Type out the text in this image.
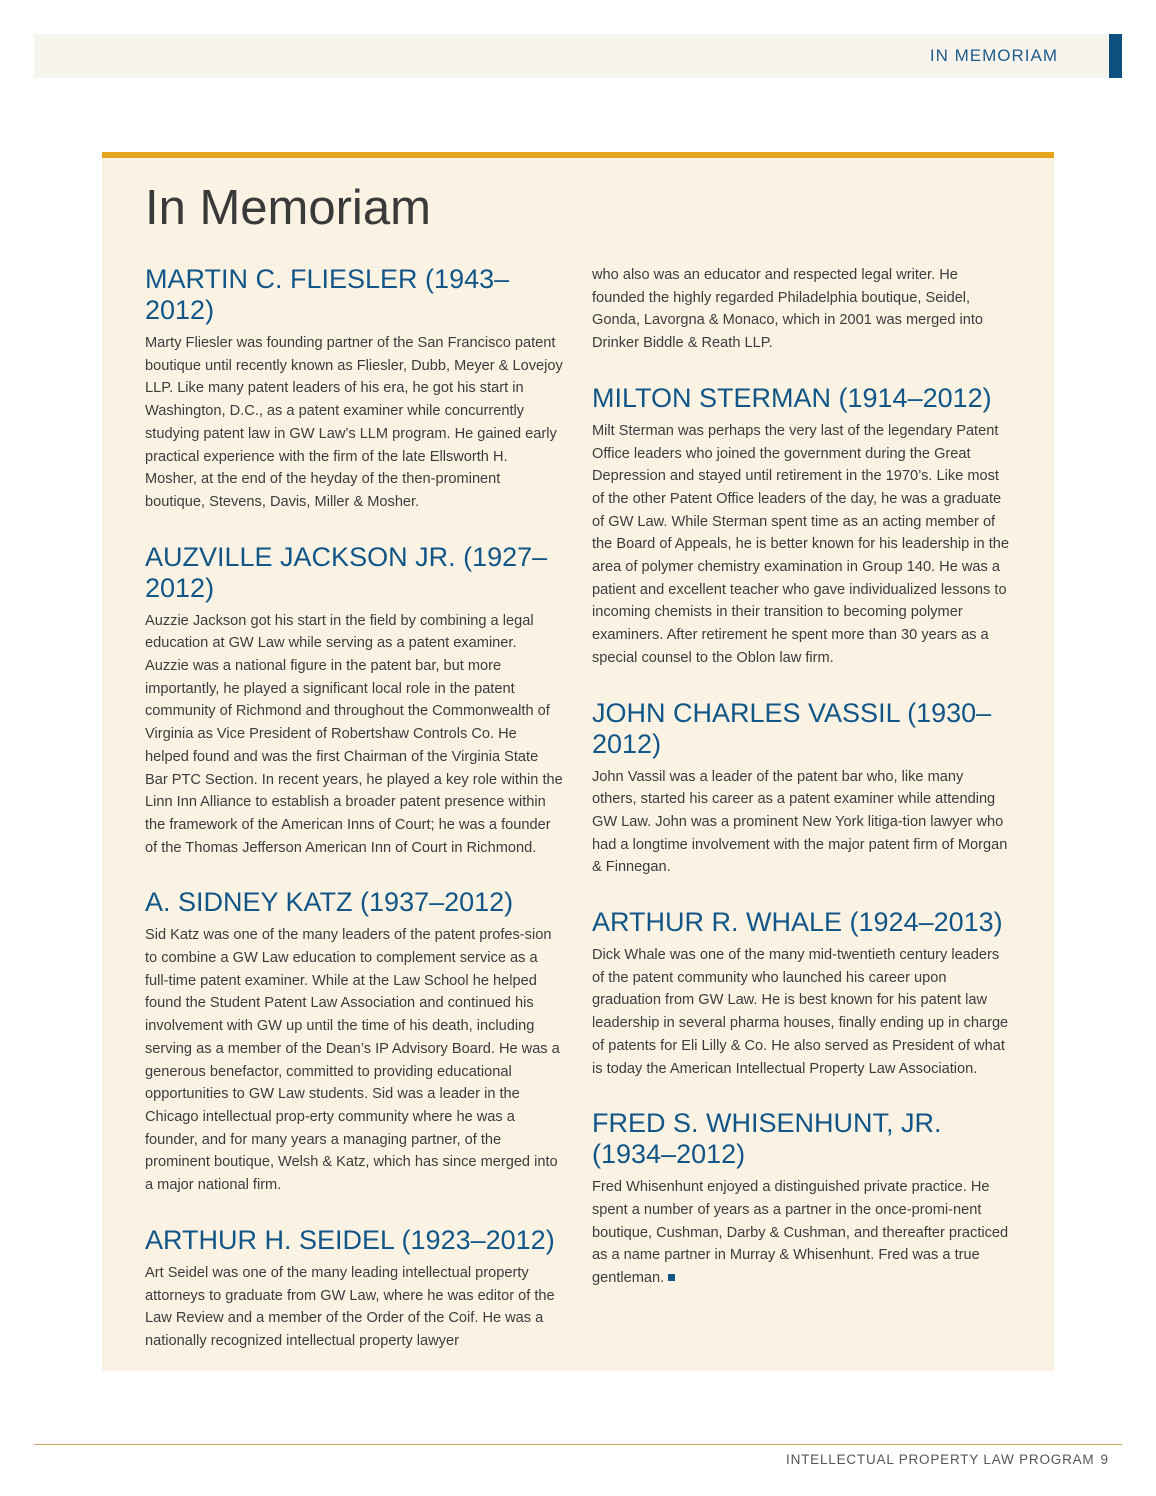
IN MEMORIAM
In Memoriam
MARTIN C. FLIESLER (1943–2012)

Marty Fliesler was founding partner of the San Francisco patent boutique until recently known as Fliesler, Dubb, Meyer & Lovejoy LLP. Like many patent leaders of his era, he got his start in Washington, D.C., as a patent examiner while concurrently studying patent law in GW Law’s LLM program. He gained early practical experience with the firm of the late Ellsworth H. Mosher, at the end of the heyday of the then-prominent boutique, Stevens, Davis, Miller & Mosher.

AUZVILLE JACKSON JR. (1927–2012)

Auzzie Jackson got his start in the field by combining a legal education at GW Law while serving as a patent examiner. Auzzie was a national figure in the patent bar, but more importantly, he played a significant local role in the patent community of Richmond and throughout the Commonwealth of Virginia as Vice President of Robertshaw Controls Co. He helped found and was the first Chairman of the Virginia State Bar PTC Section. In recent years, he played a key role within the Linn Inn Alliance to establish a broader patent presence within the framework of the American Inns of Court; he was a founder of the Thomas Jefferson American Inn of Court in Richmond.

A. SIDNEY KATZ (1937–2012)

Sid Katz was one of the many leaders of the patent profes-sion to combine a GW Law education to complement service as a full-time patent examiner. While at the Law School he helped found the Student Patent Law Association and continued his involvement with GW up until the time of his death, including serving as a member of the Dean’s IP Advisory Board. He was a generous benefactor, committed to providing educational opportunities to GW Law students. Sid was a leader in the Chicago intellectual prop-erty community where he was a founder, and for many years a managing partner, of the prominent boutique, Welsh & Katz, which has since merged into a major national firm.

ARTHUR H. SEIDEL (1923–2012)

Art Seidel was one of the many leading intellectual property attorneys to graduate from GW Law, where he was editor of the Law Review and a member of the Order of the Coif. He was a nationally recognized intellectual property lawyer

who also was an educator and respected legal writer. He founded the highly regarded Philadelphia boutique, Seidel, Gonda, Lavorgna & Monaco, which in 2001 was merged into Drinker Biddle & Reath LLP.

MILTON STERMAN (1914–2012)

Milt Sterman was perhaps the very last of the legendary Patent Office leaders who joined the government during the Great Depression and stayed until retirement in the 1970’s. Like most of the other Patent Office leaders of the day, he was a graduate of GW Law. While Sterman spent time as an acting member of the Board of Appeals, he is better known for his leadership in the area of polymer chemistry examination in Group 140. He was a patient and excellent teacher who gave individualized lessons to incoming chemists in their transition to becoming polymer examiners. After retirement he spent more than 30 years as a special counsel to the Oblon law firm.

JOHN CHARLES VASSIL (1930–2012)

John Vassil was a leader of the patent bar who, like many others, started his career as a patent examiner while attending GW Law. John was a prominent New York litiga-tion lawyer who had a longtime involvement with the major patent firm of Morgan & Finnegan.

ARTHUR R. WHALE (1924–2013)

Dick Whale was one of the many mid-twentieth century leaders of the patent community who launched his career upon graduation from GW Law. He is best known for his patent law leadership in several pharma houses, finally ending up in charge of patents for Eli Lilly & Co. He also served as President of what is today the American Intellectual Property Law Association.

FRED S. WHISENHUNT, JR. (1934–2012)

Fred Whisenhunt enjoyed a distinguished private practice. He spent a number of years as a partner in the once-promi-nent boutique, Cushman, Darby & Cushman, and thereafter practiced as a name partner in Murray & Whisenhunt. Fred was a true gentleman.

INTELLECTUAL PROPERTY LAW PROGRAM 9
